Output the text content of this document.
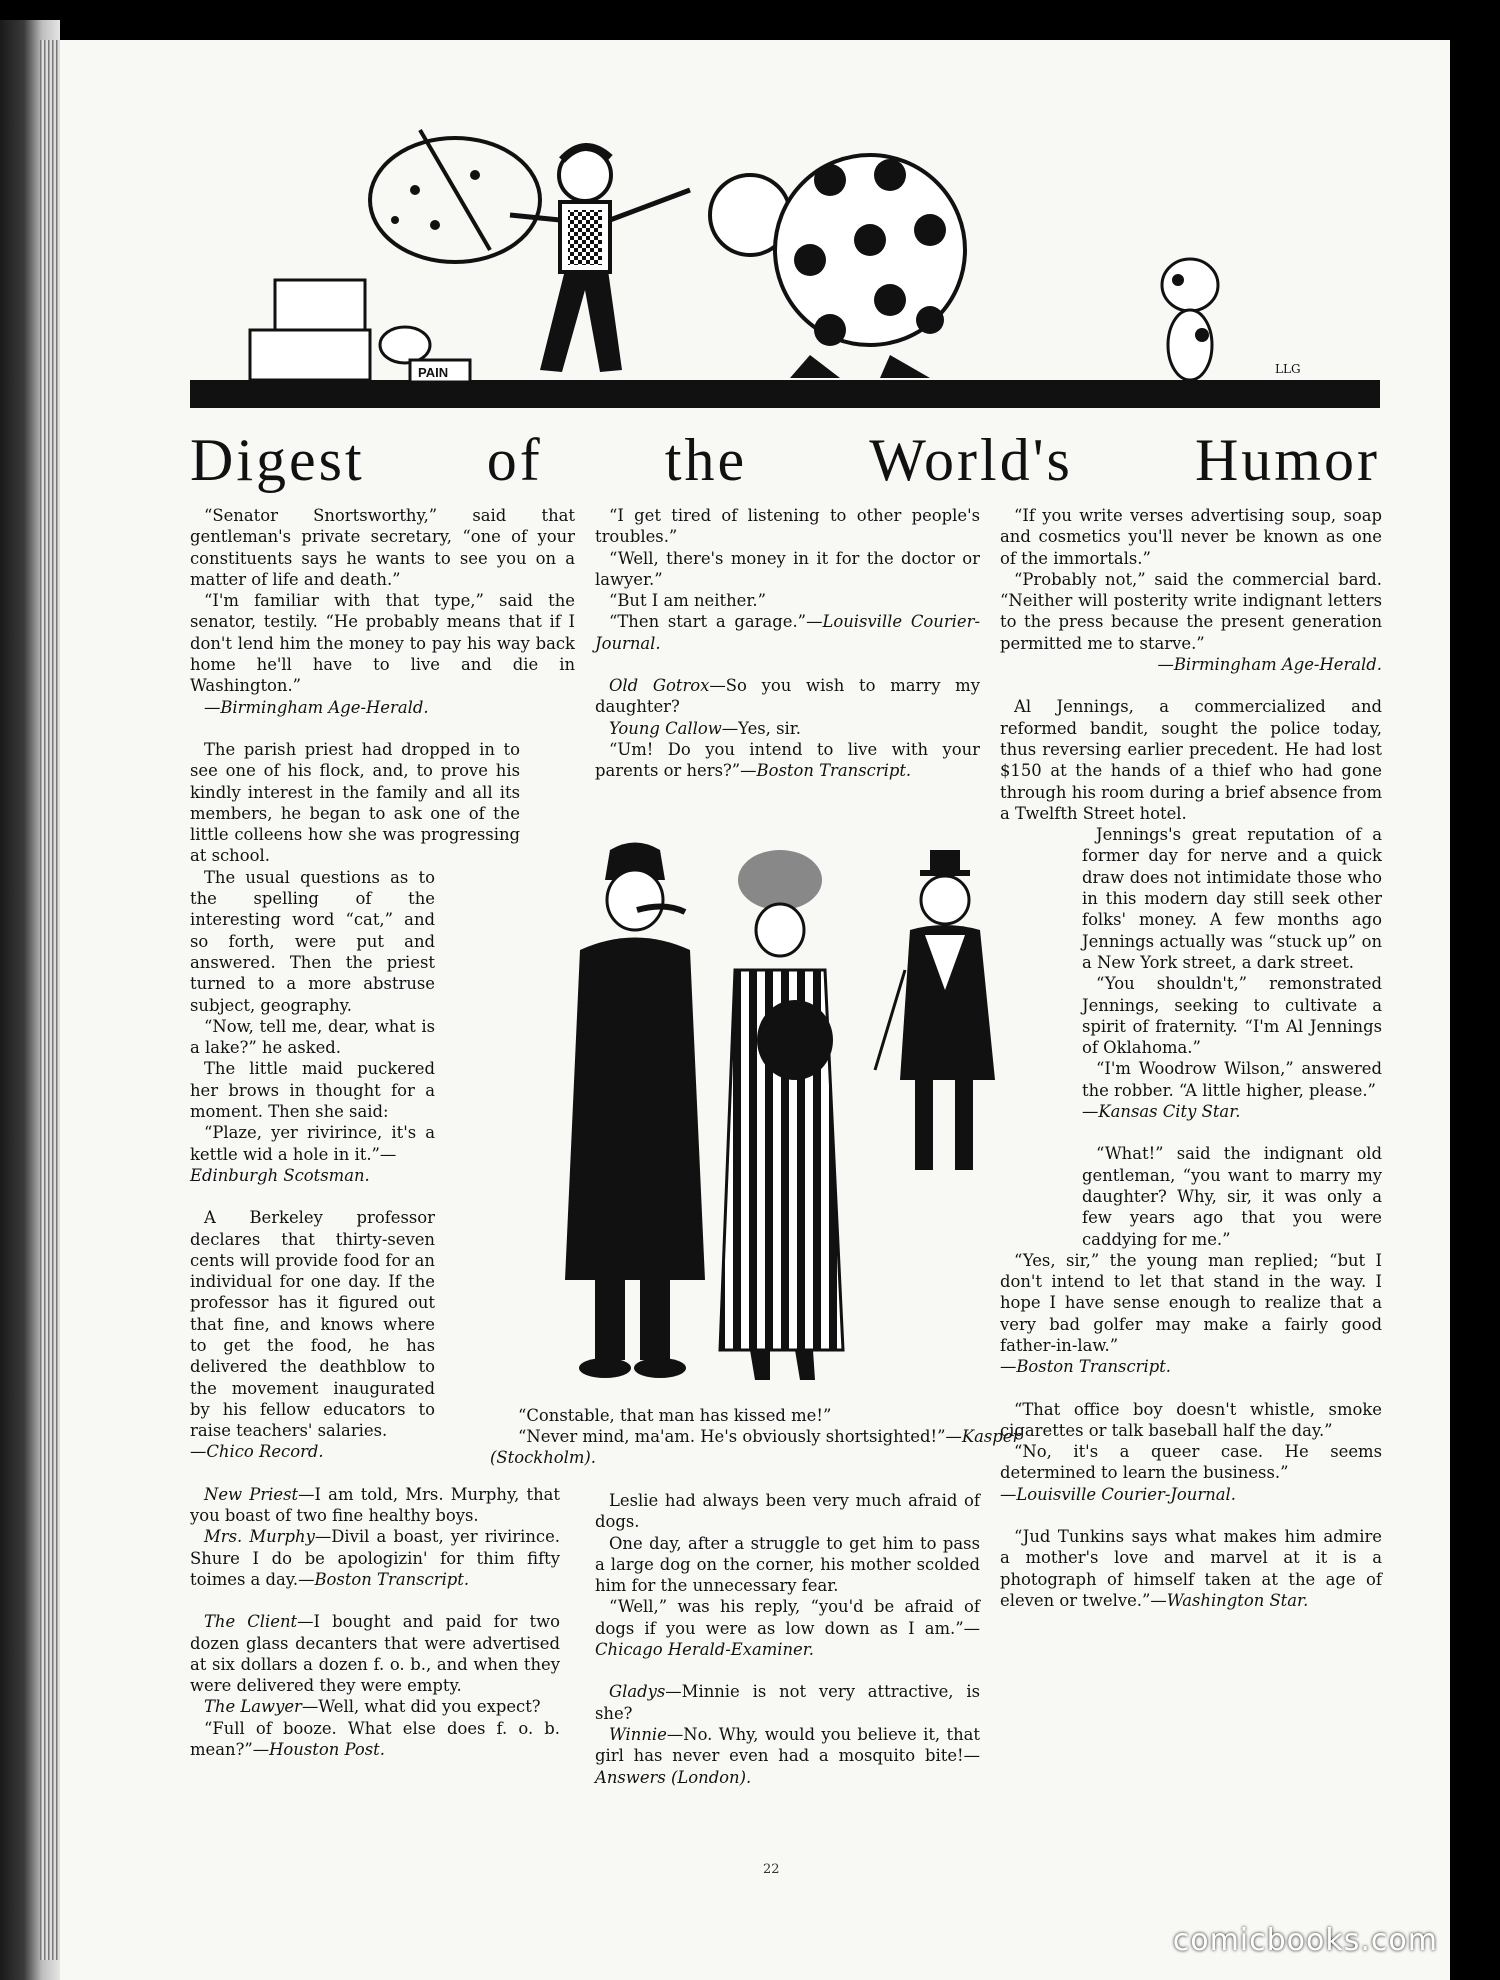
PAIN	LLG
Digest of the World's Humor

“Senator Snortsworthy,” said that gentleman's private secretary, “one of your constituents says he wants to see you on a matter of life and death.”

“I'm familiar with that type,” said the senator, testily. “He probably means that if I don't lend him the money to pay his way back home he'll have to live and die in Washington.”

—Birmingham Age-Herald.

The parish priest had dropped in to see one of his flock, and, to prove his kindly interest in the family and all its members, he began to ask one of the little colleens how she was progressing at school.

The usual questions as to the spelling of the interesting word “cat,” and so forth, were put and answered. Then the priest turned to a more abstruse subject, geography.

“Now, tell me, dear, what is a lake?” he asked.

The little maid puckered her brows in thought for a moment. Then she said:

“Plaze, yer rivirince, it's a kettle wid a hole in it.”—

Edinburgh Scotsman.

A Berkeley professor declares that thirty-seven cents will provide food for an individual for one day. If the professor has it figured out that fine, and knows where to get the food, he has delivered the deathblow to the movement inaugurated by his fellow educators to raise teachers' salaries.

—Chico Record.

New Priest—I am told, Mrs. Murphy, that you boast of two fine healthy boys.

Mrs. Murphy—Divil a boast, yer rivirince. Shure I do be apologizin' for thim fifty toimes a day.—Boston Transcript.

The Client—I bought and paid for two dozen glass decanters that were advertised at six dollars a dozen f. o. b., and when they were delivered they were empty.

The Lawyer—Well, what did you expect?

“Full of booze. What else does f. o. b. mean?”—Houston Post.

“I get tired of listening to other people's troubles.”

“Well, there's money in it for the doctor or lawyer.”

“But I am neither.”

“Then start a garage.”—Louisville Courier-Journal.

Old Gotrox—So you wish to marry my daughter?

Young Callow—Yes, sir.

“Um! Do you intend to live with your parents or hers?”—Boston Transcript.

Leslie had always been very much afraid of dogs.

One day, after a struggle to get him to pass a large dog on the corner, his mother scolded him for the unnecessary fear.

“Well,” was his reply, “you'd be afraid of dogs if you were as low down as I am.”—Chicago Herald-Examiner.

Gladys—Minnie is not very attractive, is she?

Winnie—No. Why, would you believe it, that girl has never even had a mosquito bite!—Answers (London).

“If you write verses advertising soup, soap and cosmetics you'll never be known as one of the immortals.”

“Probably not,” said the commercial bard. “Neither will posterity write indignant letters to the press because the present generation permitted me to starve.”

—Birmingham Age-Herald.

Al Jennings, a commercialized and reformed bandit, sought the police today, thus reversing earlier precedent. He had lost $150 at the hands of a thief who had gone through his room during a brief absence from a Twelfth Street hotel.

Jennings's great reputation of a former day for nerve and a quick draw does not intimidate those who in this modern day still seek other folks' money. A few months ago Jennings actually was “stuck up” on a New York street, a dark street.

“You shouldn't,” remonstrated Jennings, seeking to cultivate a spirit of fraternity. “I'm Al Jennings of Oklahoma.”

“I'm Woodrow Wilson,” answered the robber. “A little higher, please.”

—Kansas City Star.

“What!” said the indignant old gentleman, “you want to marry my daughter? Why, sir, it was only a few years ago that you were caddying for me.”

“Yes, sir,” the young man replied; “but I don't intend to let that stand in the way. I hope I have sense enough to realize that a very bad golfer may make a fairly good father-in-law.”

—Boston Transcript.

“That office boy doesn't whistle, smoke cigarettes or talk baseball half the day.”

“No, it's a queer case. He seems determined to learn the business.”

—Louisville Courier-Journal.

“Jud Tunkins says what makes him admire a mother's love and marvel at it is a photograph of himself taken at the age of eleven or twelve.”—Washington Star.

“Constable, that man has kissed me!”

“Never mind, ma'am. He's obviously shortsighted!”—Kasper (Stockholm).

22
comicbooks.com
